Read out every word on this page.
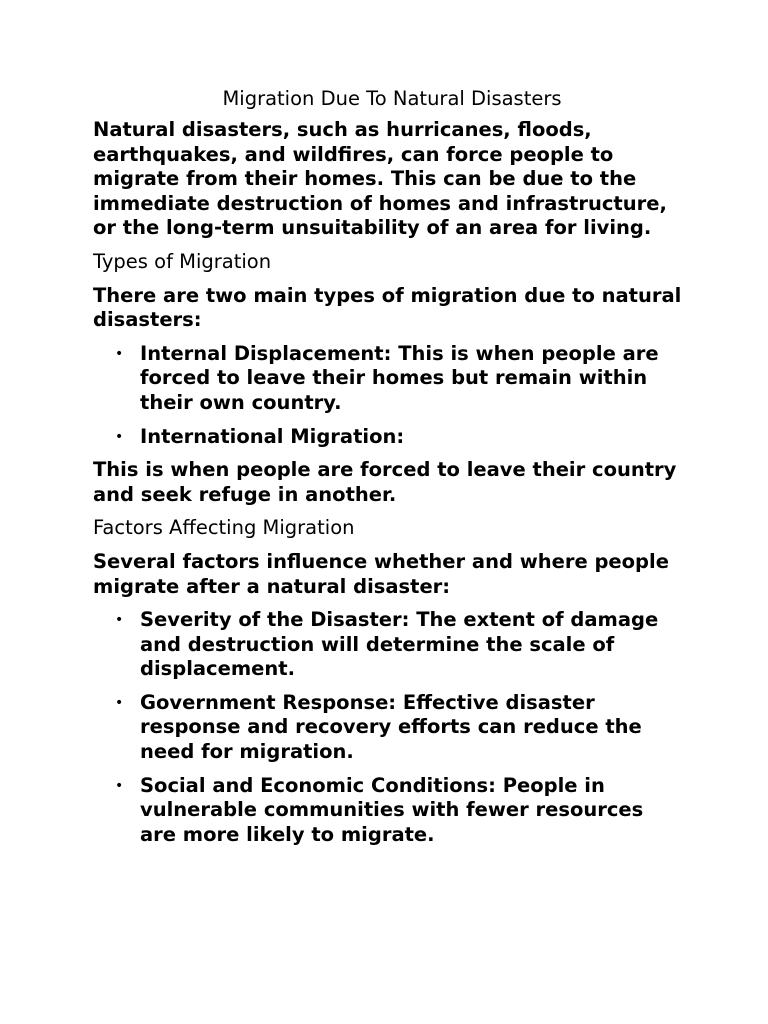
Migration Due To Natural Disasters

Natural disasters, such as hurricanes, floods, earthquakes, and wildfires, can force people to migrate from their homes. This can be due to the immediate destruction of homes and infrastructure, or the long-term unsuitability of an area for living.

Types of Migration

There are two main types of migration due to natural disasters:

• Internal Displacement: This is when people are forced to leave their homes but remain within their own country.
• International Migration:

This is when people are forced to leave their country and seek refuge in another.

Factors Affecting Migration

Several factors influence whether and where people migrate after a natural disaster:

• Severity of the Disaster: The extent of damage and destruction will determine the scale of displacement.
• Government Response: Effective disaster response and recovery efforts can reduce the need for migration.
• Social and Economic Conditions: People in vulnerable communities with fewer resources are more likely to migrate.
